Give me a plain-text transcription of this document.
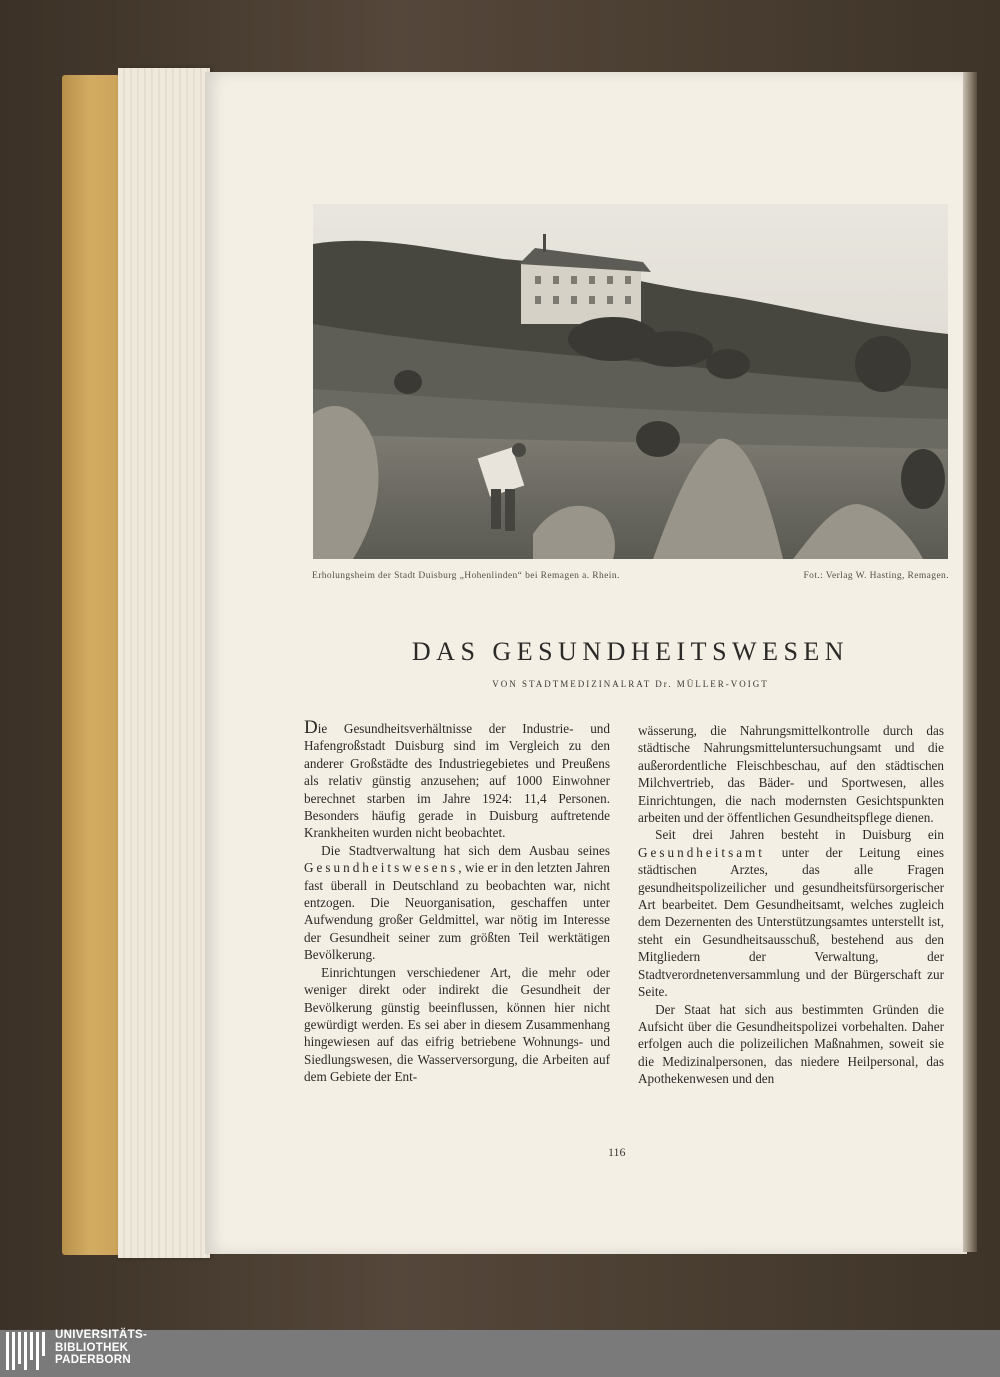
Erholungsheim der Stadt Duisburg „Hohenlinden“ bei Remagen a. Rhein.	Fot.: Verlag W. Hasting, Remagen.
DAS GESUNDHEITSWESEN
VON STADTMEDIZINALRAT Dr. MÜLLER-VOIGT

Die Gesundheitsverhältnisse der Industrie- und Hafengroßstadt Duisburg sind im Vergleich zu den anderer Großstädte des Industriegebietes und Preußens als relativ günstig anzusehen; auf 1000 Einwohner berechnet starben im Jahre 1924: 11,4 Personen. Besonders häufig gerade in Duisburg auftretende Krankheiten wurden nicht beobachtet.

Die Stadtverwaltung hat sich dem Ausbau seines Gesundheitswesens, wie er in den letzten Jahren fast überall in Deutschland zu beobachten war, nicht entzogen. Die Neuorganisation, geschaffen unter Aufwendung großer Geldmittel, war nötig im Interesse der Gesundheit seiner zum größten Teil werktätigen Bevölkerung.

Einrichtungen verschiedener Art, die mehr oder weniger direkt oder indirekt die Gesundheit der Bevölkerung günstig beeinflussen, können hier nicht gewürdigt werden. Es sei aber in diesem Zusammenhang hingewiesen auf das eifrig betriebene Wohnungs- und Siedlungswesen, die Wasserversorgung, die Arbeiten auf dem Gebiete der Ent-

wässerung, die Nahrungsmittelkontrolle durch das städtische Nahrungsmitteluntersuchungsamt und die außerordentliche Fleischbeschau, auf den städtischen Milchvertrieb, das Bäder- und Sportwesen, alles Einrichtungen, die nach modernsten Gesichtspunkten arbeiten und der öffentlichen Gesundheitspflege dienen.

Seit drei Jahren besteht in Duisburg ein Gesundheitsamt unter der Leitung eines städtischen Arztes, das alle Fragen gesundheitspolizeilicher und gesundheitsfürsorgerischer Art bearbeitet. Dem Gesundheitsamt, welches zugleich dem Dezernenten des Unterstützungsamtes unterstellt ist, steht ein Gesundheitsausschuß, bestehend aus den Mitgliedern der Verwaltung, der Stadtverordnetenversammlung und der Bürgerschaft zur Seite.

Der Staat hat sich aus bestimmten Gründen die Aufsicht über die Gesundheitspolizei vorbehalten. Daher erfolgen auch die polizeilichen Maßnahmen, soweit sie die Medizinalpersonen, das niedere Heilpersonal, das Apothekenwesen und den

116
UNIVERSITÄTS-
BIBLIOTHEK
PADERBORN
